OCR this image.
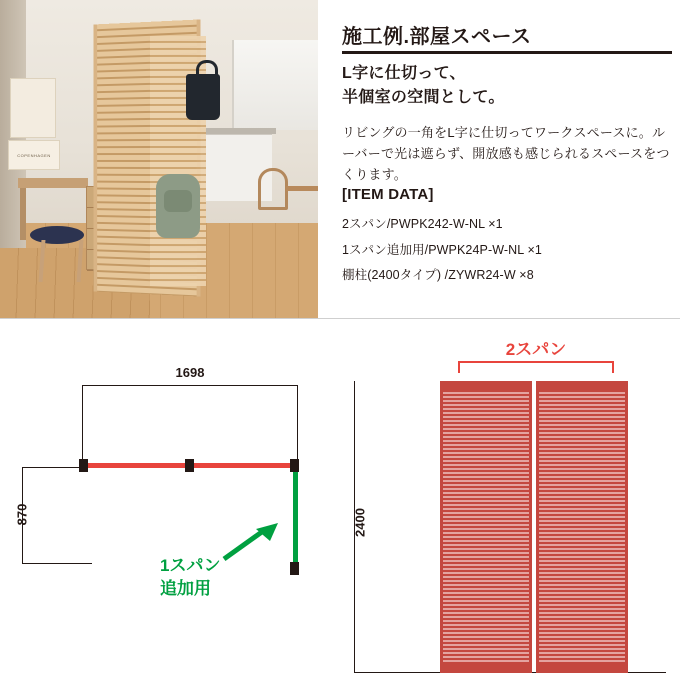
COPENHAGEN
施工例.部屋スペース
L字に仕切って、
半個室の空間として。
リビングの一角をL字に仕切ってワークスペースに。ルーバーで光は遮らず、開放感も感じられるスペースをつくります。
[ITEM DATA]
2スパン/PWPK242-W-NL ×1
1スパン追加用/PWPK24P-W-NL ×1
棚柱(2400タイプ) /ZYWR24-W ×8
1698
870
1スパン
追加用
2スパン
2400
